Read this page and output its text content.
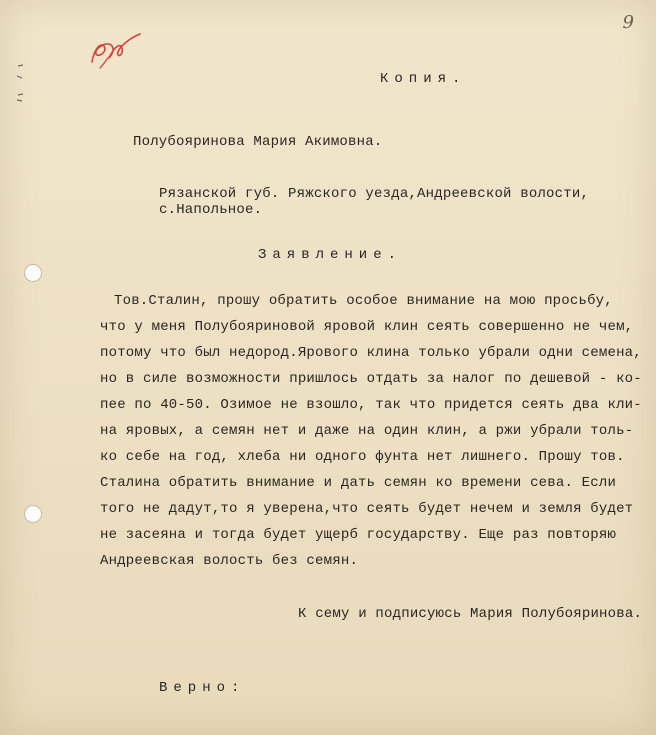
9
Копия.
Полубояринова Мария Акимовна.
Рязанской губ. Ряжского уезда,Андреевской волости,
с.Напольное.
Заявление.
Тов.Сталин, прошу обратить особое внимание на мою просьбу,
что у меня Полубояриновой яровой клин сеять совершенно не чем,
потому что был недород.Ярового клина только убрали одни семена,
но в силе возможности пришлось отдать за налог по дешевой - ко-
пее по 40-50. Озимое не взошло, так что придется сеять два кли-
на яровых, а семян нет и даже на один клин, а ржи убрали толь-
ко себе на год, хлеба ни одного фунта нет лишнего. Прошу тов.
Сталина обратить внимание и дать семян ко времени сева. Если
того не дадут,то я уверена,что сеять будет нечем и земля будет
не засеяна и тогда будет ущерб государству. Еще раз повторяю
Андреевская волость без семян.
К сему и подписуюсь Мария Полубояринова.
Верно:
